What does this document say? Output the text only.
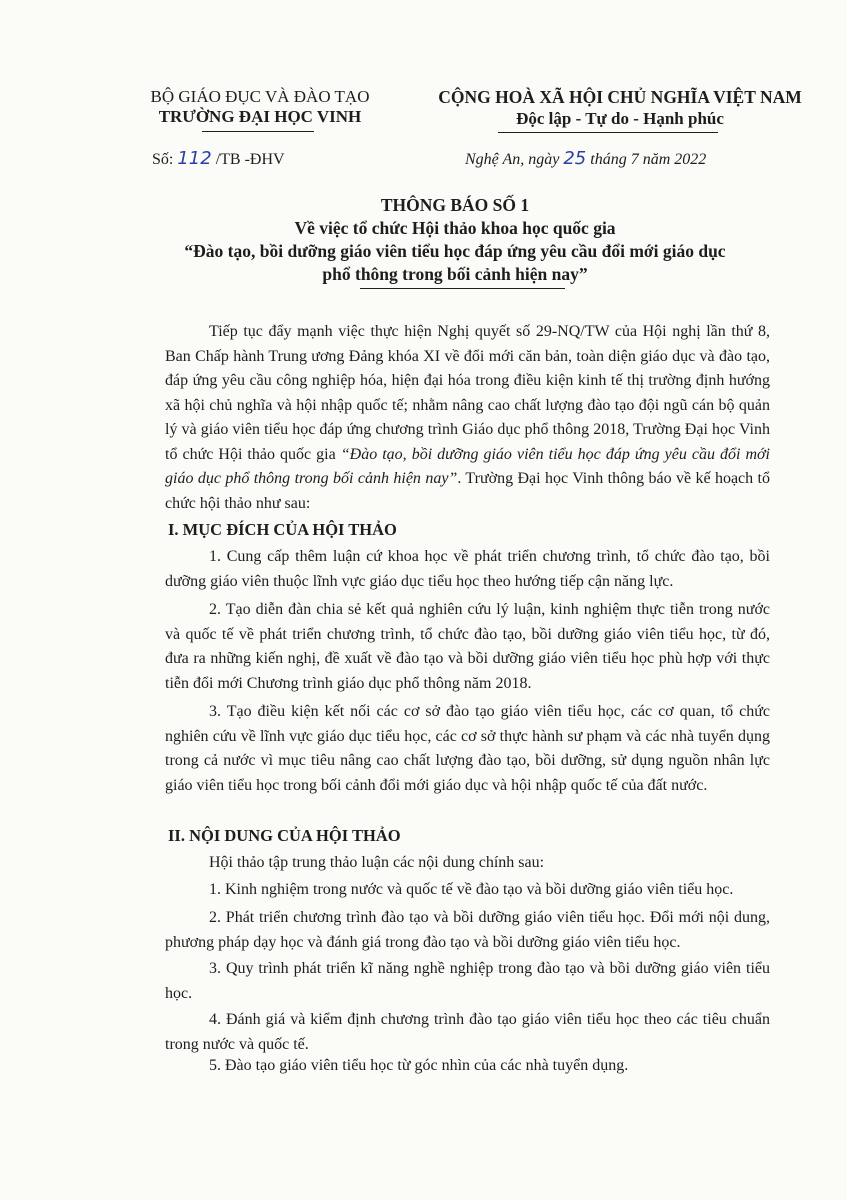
BỘ GIÁO ĐỤC VÀ ĐÀO TẠO
TRƯỜNG ĐẠI HỌC VINH
CỘNG HOÀ XÃ HỘI CHỦ NGHĨA VIỆT NAM
Độc lập - Tự do - Hạnh phúc
Số: 112 /TB -ĐHV	Nghệ An, ngày 25 tháng 7 năm 2022
THÔNG BÁO SỐ 1
Về việc tổ chức Hội thảo khoa học quốc gia
“Đào tạo, bồi dưỡng giáo viên tiểu học đáp ứng yêu cầu đổi mới giáo dục
phổ thông trong bối cảnh hiện nay”
Tiếp tục đẩy mạnh việc thực hiện Nghị quyết số 29-NQ/TW của Hội nghị lần thứ 8, Ban Chấp hành Trung ương Đảng khóa XI về đổi mới căn bản, toàn diện giáo dục và đào tạo, đáp ứng yêu cầu công nghiệp hóa, hiện đại hóa trong điều kiện kinh tế thị trường định hướng xã hội chủ nghĩa và hội nhập quốc tế; nhằm nâng cao chất lượng đào tạo đội ngũ cán bộ quản lý và giáo viên tiểu học đáp ứng chương trình Giáo dục phổ thông 2018, Trường Đại học Vinh tổ chức Hội thảo quốc gia “Đào tạo, bồi dưỡng giáo viên tiểu học đáp ứng yêu cầu đổi mới giáo dục phổ thông trong bối cảnh hiện nay”. Trường Đại học Vinh thông báo về kế hoạch tổ chức hội thảo như sau:
I. MỤC ĐÍCH CỦA HỘI THẢO
1. Cung cấp thêm luận cứ khoa học về phát triển chương trình, tổ chức đào tạo, bồi dưỡng giáo viên thuộc lĩnh vực giáo dục tiểu học theo hướng tiếp cận năng lực.
2. Tạo diễn đàn chia sẻ kết quả nghiên cứu lý luận, kinh nghiệm thực tiễn trong nước và quốc tế về phát triển chương trình, tổ chức đào tạo, bồi dưỡng giáo viên tiểu học, từ đó, đưa ra những kiến nghị, đề xuất về đào tạo và bồi dưỡng giáo viên tiểu học phù hợp với thực tiễn đổi mới Chương trình giáo dục phổ thông năm 2018.
3. Tạo điều kiện kết nối các cơ sở đào tạo giáo viên tiểu học, các cơ quan, tổ chức nghiên cứu về lĩnh vực giáo dục tiểu học, các cơ sở thực hành sư phạm và các nhà tuyển dụng trong cả nước vì mục tiêu nâng cao chất lượng đào tạo, bồi dưỡng, sử dụng nguồn nhân lực giáo viên tiểu học trong bối cảnh đổi mới giáo dục và hội nhập quốc tế của đất nước.
II. NỘI DUNG CỦA HỘI THẢO
Hội thảo tập trung thảo luận các nội dung chính sau:
1. Kinh nghiệm trong nước và quốc tế về đào tạo và bồi dưỡng giáo viên tiểu học.
2. Phát triển chương trình đào tạo và bồi dưỡng giáo viên tiểu học. Đổi mới nội dung, phương pháp dạy học và đánh giá trong đào tạo và bồi dưỡng giáo viên tiểu học.
3. Quy trình phát triển kĩ năng nghề nghiệp trong đào tạo và bồi dưỡng giáo viên tiểu học.
4. Đánh giá và kiểm định chương trình đào tạo giáo viên tiểu học theo các tiêu chuẩn trong nước và quốc tế.
5. Đào tạo giáo viên tiểu học từ góc nhìn của các nhà tuyển dụng.
